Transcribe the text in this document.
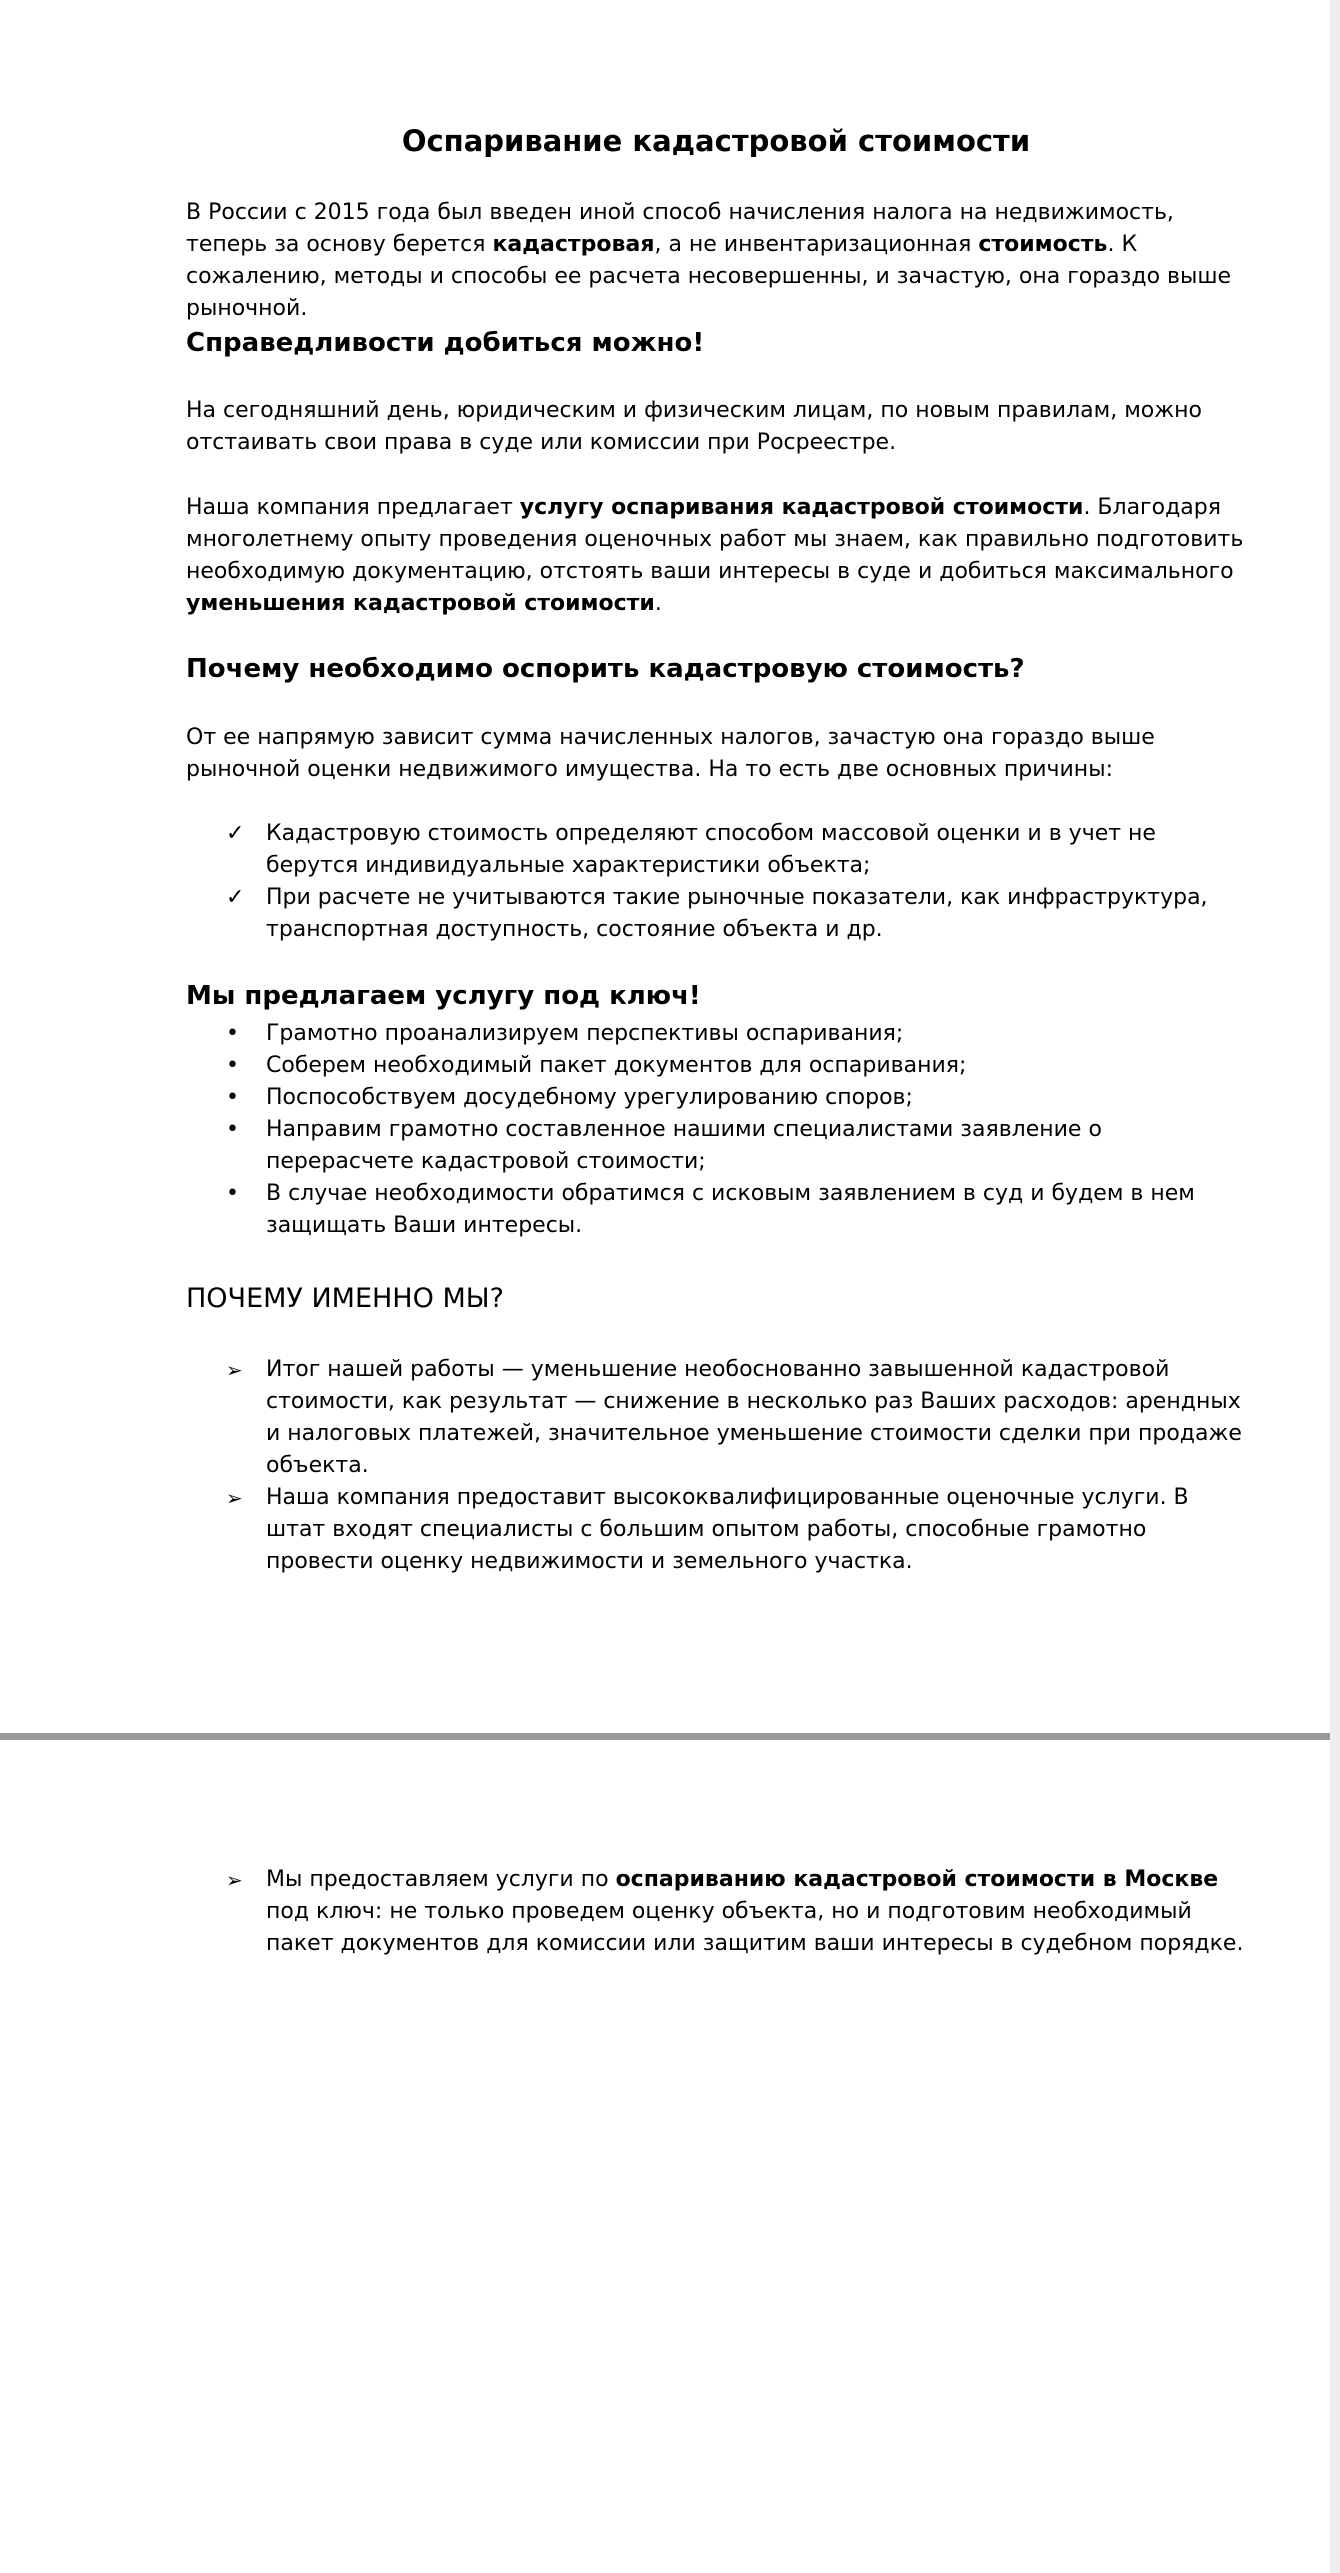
Оспаривание кадастровой стоимости

В России с 2015 года был введен иной способ начисления налога на недвижимость, теперь за основу берется кадастровая, а не инвентаризационная стоимость. К сожалению, методы и способы ее расчета несовершенны, и зачастую, она гораздо выше рыночной.

Справедливости добиться можно!

На сегодняшний день, юридическим и физическим лицам, по новым правилам, можно отстаивать свои права в суде или комиссии при Росреестре.

Наша компания предлагает услугу оспаривания кадастровой стоимости. Благодаря многолетнему опыту проведения оценочных работ мы знаем, как правильно подготовить необходимую документацию, отстоять ваши интересы в суде и добиться максимального уменьшения кадастровой стоимости.

Почему необходимо оспорить кадастровую стоимость?

От ее напрямую зависит сумма начисленных налогов, зачастую она гораздо выше рыночной оценки недвижимого имущества. На то есть две основных причины:

✓ Кадастровую стоимость определяют способом массовой оценки и в учет не берутся индивидуальные характеристики объекта;
✓ При расчете не учитываются такие рыночные показатели, как инфраструктура, транспортная доступность, состояние объекта и др.
Мы предлагаем услугу под ключ!
•	Грамотно проанализируем перспективы оспаривания;
•	Соберем необходимый пакет документов для оспаривания;
•	Поспособствуем досудебному урегулированию споров;
•	Направим грамотно составленное нашими специалистами заявление о перерасчете кадастровой стоимости;
•	В случае необходимости обратимся с исковым заявлением в суд и будем в нем защищать Ваши интересы.
ПОЧЕМУ ИМЕННО МЫ?
➢	Итог нашей работы — уменьшение необоснованно завышенной кадастровой стоимости, как результат — снижение в несколько раз Ваших расходов: арендных и налоговых платежей, значительное уменьшение стоимости сделки при продаже объекта.
➢	Наша компания предоставит высококвалифицированные оценочные услуги. В штат входят специалисты с большим опытом работы, способные грамотно провести оценку недвижимости и земельного участка.
➢	Мы предоставляем услуги по оспариванию кадастровой стоимости в Москве под ключ: не только проведем оценку объекта, но и подготовим необходимый пакет документов для комиссии или защитим ваши интересы в судебном порядке.
